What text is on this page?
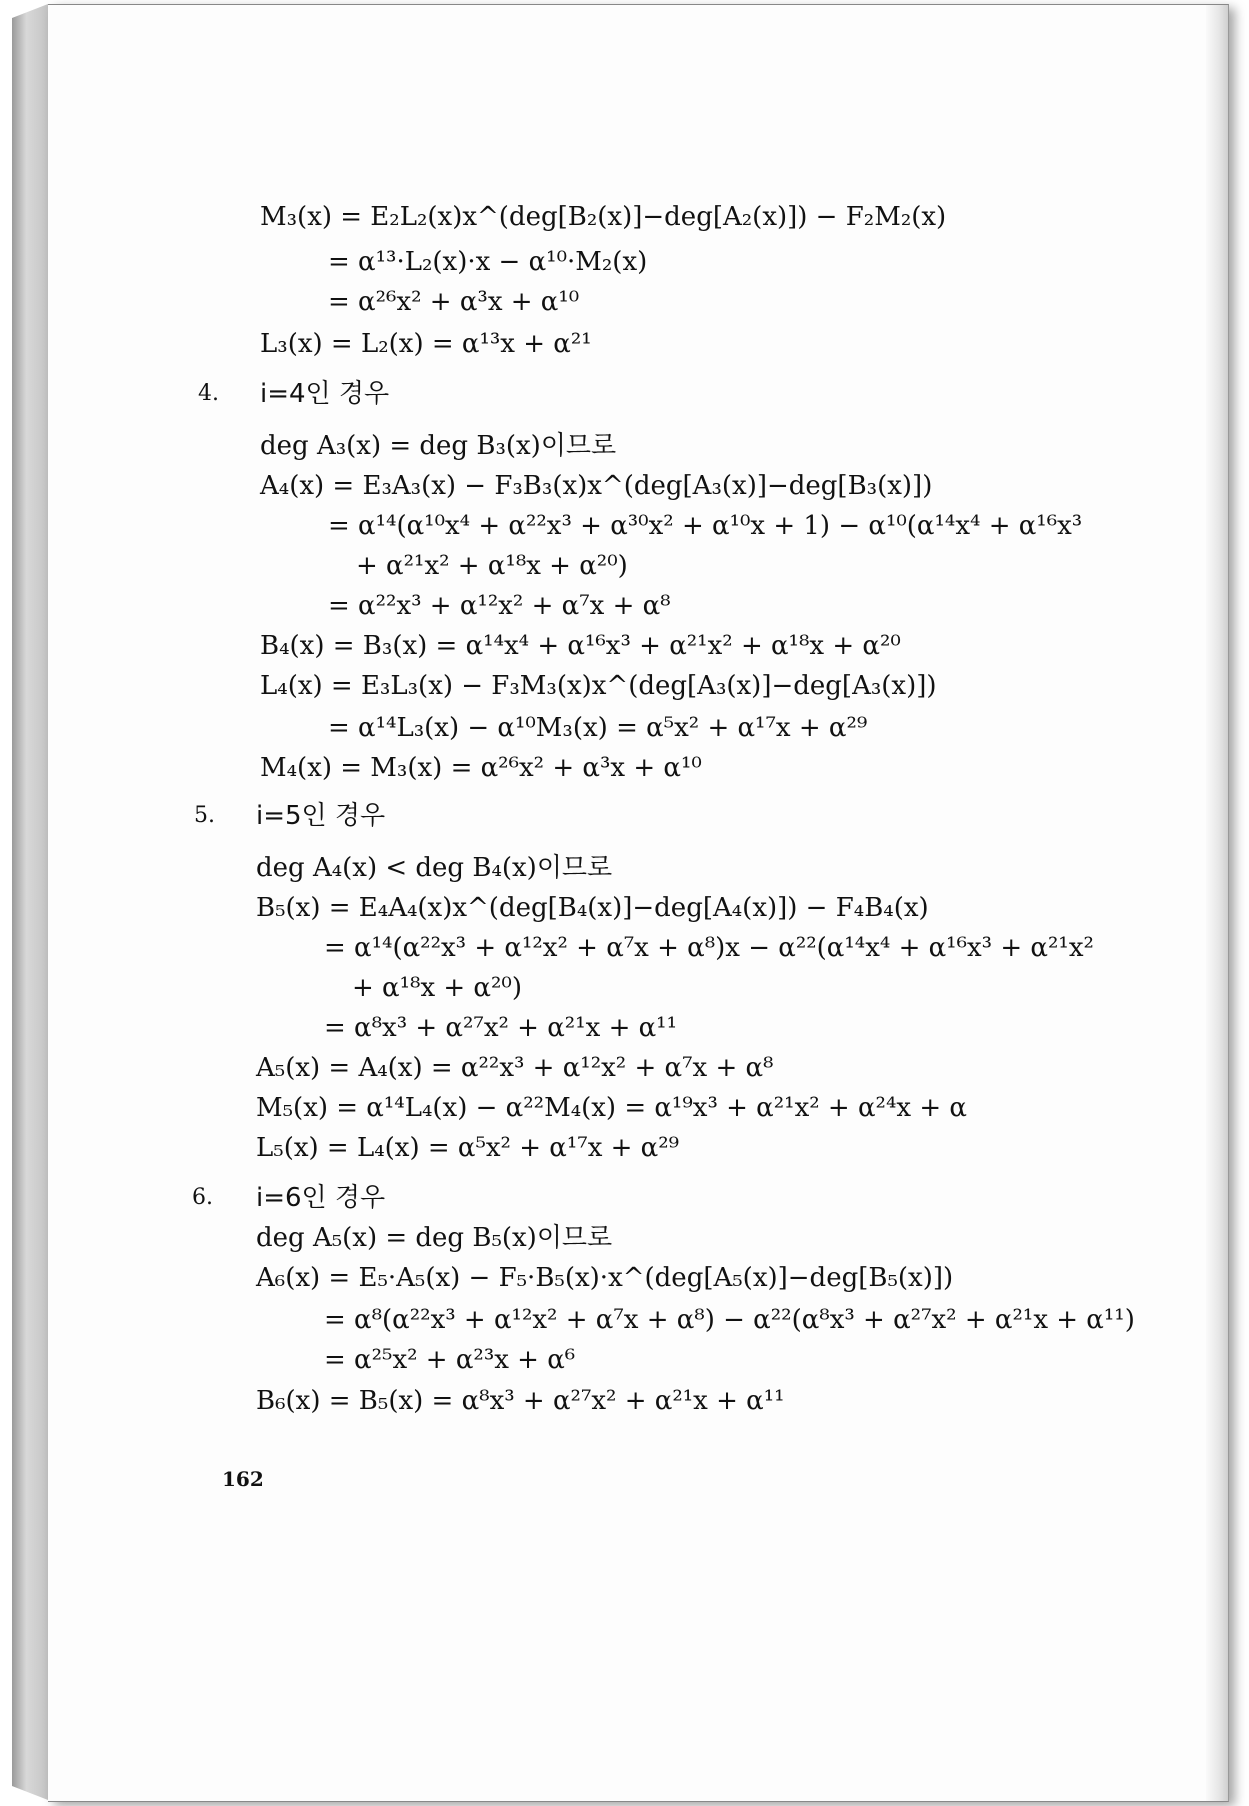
M₃(x) = E₂L₂(x)x^(deg[B₂(x)]−deg[A₂(x)]) − F₂M₂(x)
= α¹³·L₂(x)·x − α¹⁰·M₂(x)
= α²⁶x² + α³x + α¹⁰
L₃(x) = L₂(x) = α¹³x + α²¹
4. i=4인 경우
deg A₃(x) = deg B₃(x)이므로
A₄(x) = E₃A₃(x) − F₃B₃(x)x^(deg[A₃(x)]−deg[B₃(x)])
= α¹⁴(α¹⁰x⁴ + α²²x³ + α³⁰x² + α¹⁰x + 1) − α¹⁰(α¹⁴x⁴ + α¹⁶x³
+ α²¹x² + α¹⁸x + α²⁰)
= α²²x³ + α¹²x² + α⁷x + α⁸
B₄(x) = B₃(x) = α¹⁴x⁴ + α¹⁶x³ + α²¹x² + α¹⁸x + α²⁰
L₄(x) = E₃L₃(x) − F₃M₃(x)x^(deg[A₃(x)]−deg[A₃(x)])
= α¹⁴L₃(x) − α¹⁰M₃(x) = α⁵x² + α¹⁷x + α²⁹
M₄(x) = M₃(x) = α²⁶x² + α³x + α¹⁰
5. i=5인 경우
deg A₄(x) < deg B₄(x)이므로
B₅(x) = E₄A₄(x)x^(deg[B₄(x)]−deg[A₄(x)]) − F₄B₄(x)
= α¹⁴(α²²x³ + α¹²x² + α⁷x + α⁸)x − α²²(α¹⁴x⁴ + α¹⁶x³ + α²¹x²
+ α¹⁸x + α²⁰)
= α⁸x³ + α²⁷x² + α²¹x + α¹¹
A₅(x) = A₄(x) = α²²x³ + α¹²x² + α⁷x + α⁸
M₅(x) = α¹⁴L₄(x) − α²²M₄(x) = α¹⁹x³ + α²¹x² + α²⁴x + α
L₅(x) = L₄(x) = α⁵x² + α¹⁷x + α²⁹
6. i=6인 경우
deg A₅(x) = deg B₅(x)이므로
A₆(x) = E₅·A₅(x) − F₅·B₅(x)·x^(deg[A₅(x)]−deg[B₅(x)])
= α⁸(α²²x³ + α¹²x² + α⁷x + α⁸) − α²²(α⁸x³ + α²⁷x² + α²¹x + α¹¹)
= α²⁵x² + α²³x + α⁶
B₆(x) = B₅(x) = α⁸x³ + α²⁷x² + α²¹x + α¹¹
162
